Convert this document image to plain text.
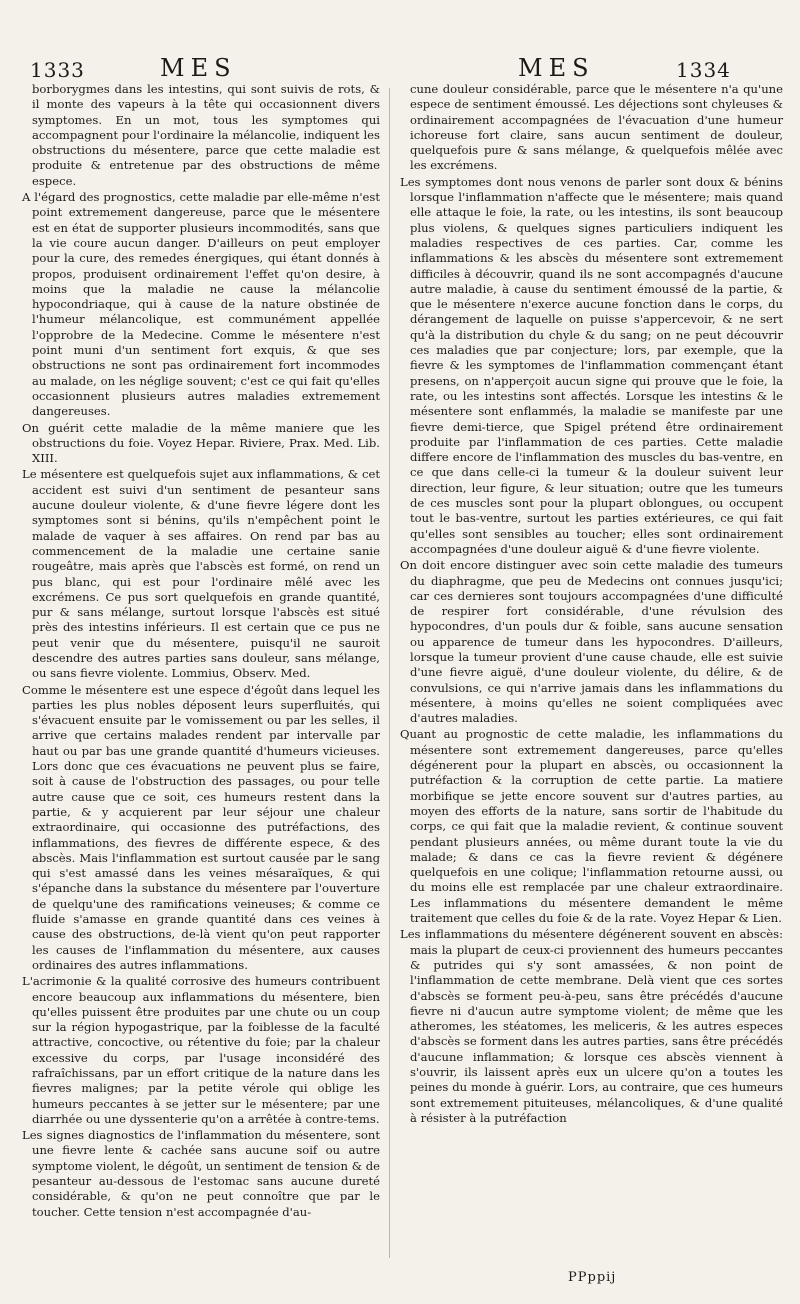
1333	MES	MES	1334

borborygmes dans les intestins, qui sont suivis de rots, & il monte des vapeurs à la tête qui occasionnent divers symptomes. En un mot, tous les symptomes qui accompagnent pour l'ordinaire la mélancolie, indiquent les obstructions du mésentere, parce que cette maladie est produite & entretenue par des obstructions de même espece.

A l'égard des prognostics, cette maladie par elle-même n'est point extremement dangereuse, parce que le mésentere est en état de supporter plusieurs incommodités, sans que la vie coure aucun danger. D'ailleurs on peut employer pour la cure, des remedes énergiques, qui étant donnés à propos, produisent ordinairement l'effet qu'on desire, à moins que la maladie ne cause la mélancolie hypocondriaque, qui à cause de la nature obstinée de l'humeur mélancolique, est communément appellée l'opprobre de la Medecine. Comme le mésentere n'est point muni d'un sentiment fort exquis, & que ses obstructions ne sont pas ordinairement fort incommodes au malade, on les néglige souvent; c'est ce qui fait qu'elles occasionnent plusieurs autres maladies extremement dangereuses.

On guérit cette maladie de la même maniere que les obstructions du foie. Voyez Hepar. Riviere, Prax. Med. Lib. XIII.

Le mésentere est quelquefois sujet aux inflammations, & cet accident est suivi d'un sentiment de pesanteur sans aucune douleur violente, & d'une fievre légere dont les symptomes sont si bénins, qu'ils n'empêchent point le malade de vaquer à ses affaires. On rend par bas au commencement de la maladie une certaine sanie rougeâtre, mais après que l'abscès est formé, on rend un pus blanc, qui est pour l'ordinaire mêlé avec les excrémens. Ce pus sort quelquefois en grande quantité, pur & sans mélange, surtout lorsque l'abscès est situé près des intestins inférieurs. Il est certain que ce pus ne peut venir que du mésentere, puisqu'il ne sauroit descendre des autres parties sans douleur, sans mélange, ou sans fievre violente. Lommius, Observ. Med.

Comme le mésentere est une espece d'égoût dans lequel les parties les plus nobles déposent leurs superfluités, qui s'évacuent ensuite par le vomissement ou par les selles, il arrive que certains malades rendent par intervalle par haut ou par bas une grande quantité d'humeurs vicieuses. Lors donc que ces évacuations ne peuvent plus se faire, soit à cause de l'obstruction des passages, ou pour telle autre cause que ce soit, ces humeurs restent dans la partie, & y acquierent par leur séjour une chaleur extraordinaire, qui occasionne des putréfactions, des inflammations, des fievres de différente espece, & des abscès. Mais l'inflammation est surtout causée par le sang qui s'est amassé dans les veines mésaraïques, & qui s'épanche dans la substance du mésentere par l'ouverture de quelqu'une des ramifications veineuses; & comme ce fluide s'amasse en grande quantité dans ces veines à cause des obstructions, de-là vient qu'on peut rapporter les causes de l'inflammation du mésentere, aux causes ordinaires des autres inflammations.

L'acrimonie & la qualité corrosive des humeurs contribuent encore beaucoup aux inflammations du mésentere, bien qu'elles puissent être produites par une chute ou un coup sur la région hypogastrique, par la foiblesse de la faculté attractive, concoctive, ou rétentive du foie; par la chaleur excessive du corps, par l'usage inconsidéré des rafraîchissans, par un effort critique de la nature dans les fievres malignes; par la petite vérole qui oblige les humeurs peccantes à se jetter sur le mésentere; par une diarrhée ou une dyssenterie qu'on a arrêtée à contre-tems.

Les signes diagnostics de l'inflammation du mésentere, sont une fievre lente & cachée sans aucune soif ou autre symptome violent, le dégoût, un sentiment de tension & de pesanteur au-dessous de l'estomac sans aucune dureté considérable, & qu'on ne peut connoître que par le toucher. Cette tension n'est accompagnée d'au-

cune douleur considérable, parce que le mésentere n'a qu'une espece de sentiment émoussé. Les déjections sont chyleuses & ordinairement accompagnées de l'évacuation d'une humeur ichoreuse fort claire, sans aucun sentiment de douleur, quelquefois pure & sans mélange, & quelquefois mêlée avec les excrémens.

Les symptomes dont nous venons de parler sont doux & bénins lorsque l'inflammation n'affecte que le mésentere; mais quand elle attaque le foie, la rate, ou les intestins, ils sont beaucoup plus violens, & quelques signes particuliers indiquent les maladies respectives de ces parties. Car, comme les inflammations & les abscès du mésentere sont extremement difficiles à découvrir, quand ils ne sont accompagnés d'aucune autre maladie, à cause du sentiment émoussé de la partie, & que le mésentere n'exerce aucune fonction dans le corps, du dérangement de laquelle on puisse s'appercevoir, & ne sert qu'à la distribution du chyle & du sang; on ne peut découvrir ces maladies que par conjecture; lors, par exemple, que la fievre & les symptomes de l'inflammation commençant étant presens, on n'apperçoit aucun signe qui prouve que le foie, la rate, ou les intestins sont affectés. Lorsque les intestins & le mésentere sont enflammés, la maladie se manifeste par une fievre demi-tierce, que Spigel prétend être ordinairement produite par l'inflammation de ces parties. Cette maladie differe encore de l'inflammation des muscles du bas-ventre, en ce que dans celle-ci la tumeur & la douleur suivent leur direction, leur figure, & leur situation; outre que les tumeurs de ces muscles sont pour la plupart oblongues, ou occupent tout le bas-ventre, surtout les parties extérieures, ce qui fait qu'elles sont sensibles au toucher; elles sont ordinairement accompagnées d'une douleur aiguë & d'une fievre violente.

On doit encore distinguer avec soin cette maladie des tumeurs du diaphragme, que peu de Medecins ont connues jusqu'ici; car ces dernieres sont toujours accompagnées d'une difficulté de respirer fort considérable, d'une révulsion des hypocondres, d'un pouls dur & foible, sans aucune sensation ou apparence de tumeur dans les hypocondres. D'ailleurs, lorsque la tumeur provient d'une cause chaude, elle est suivie d'une fievre aiguë, d'une douleur violente, du délire, & de convulsions, ce qui n'arrive jamais dans les inflammations du mésentere, à moins qu'elles ne soient compliquées avec d'autres maladies.

Quant au prognostic de cette maladie, les inflammations du mésentere sont extremement dangereuses, parce qu'elles dégénerent pour la plupart en abscès, ou occasionnent la putréfaction & la corruption de cette partie. La matiere morbifique se jette encore souvent sur d'autres parties, au moyen des efforts de la nature, sans sortir de l'habitude du corps, ce qui fait que la maladie revient, & continue souvent pendant plusieurs années, ou même durant toute la vie du malade; & dans ce cas la fievre revient & dégénere quelquefois en une colique; l'inflammation retourne aussi, ou du moins elle est remplacée par une chaleur extraordinaire. Les inflammations du mésentere demandent le même traitement que celles du foie & de la rate. Voyez Hepar & Lien.

Les inflammations du mésentere dégénerent souvent en abscès: mais la plupart de ceux-ci proviennent des humeurs peccantes & putrides qui s'y sont amassées, & non point de l'inflammation de cette membrane. Delà vient que ces sortes d'abscès se forment peu-à-peu, sans être précédés d'aucune fievre ni d'aucun autre symptome violent; de même que les atheromes, les stéatomes, les meliceris, & les autres especes d'abscès se forment dans les autres parties, sans être précédés d'aucune inflammation; & lorsque ces abscès viennent à s'ouvrir, ils laissent après eux un ulcere qu'on a toutes les peines du monde à guérir. Lors, au contraire, que ces humeurs sont extremement pituiteuses, mélancoliques, & d'une qualité à résister à la putréfaction

PPppij
